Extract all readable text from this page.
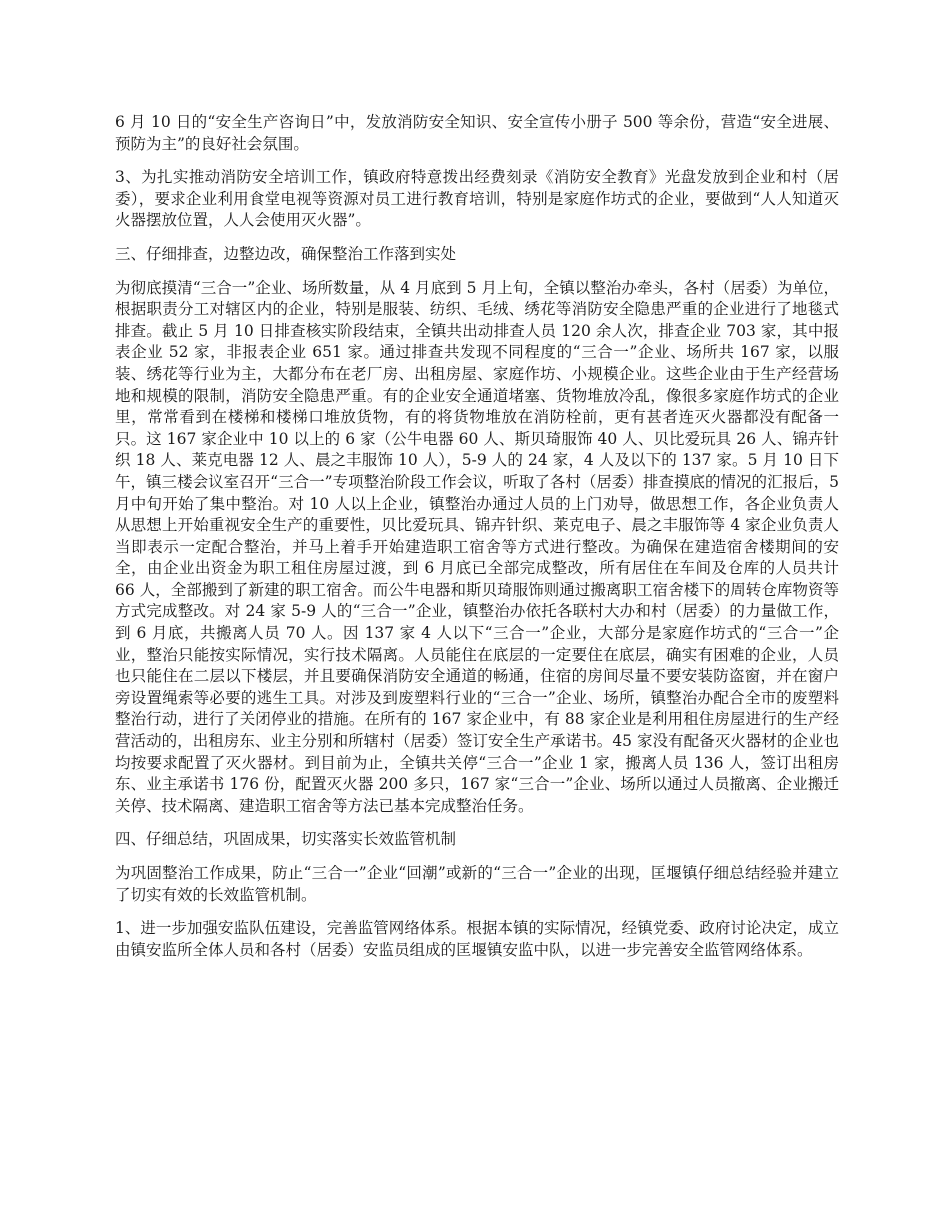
6 月 10 日的“安全生产咨询日”中，发放消防安全知识、安全宣传小册子 500 等余份，营造“安全进展、预防为主”的良好社会氛围。

3、为扎实推动消防安全培训工作，镇政府特意拨出经费刻录《消防安全教育》光盘发放到企业和村（居委），要求企业利用食堂电视等资源对员工进行教育培训，特别是家庭作坊式的企业，要做到“人人知道灭火器摆放位置，人人会使用灭火器”。

三、仔细排查，边整边改，确保整治工作落到实处

为彻底摸清“三合一”企业、场所数量，从 4 月底到 5 月上旬，全镇以整治办牵头，各村（居委）为单位，根据职责分工对辖区内的企业，特别是服装、纺织、毛绒、绣花等消防安全隐患严重的企业进行了地毯式排查。截止 5 月 10 日排查核实阶段结束，全镇共出动排查人员 120 余人次，排查企业 703 家，其中报表企业 52 家，非报表企业 651 家。通过排查共发现不同程度的“三合一”企业、场所共 167 家，以服装、绣花等行业为主，大都分布在老厂房、出租房屋、家庭作坊、小规模企业。这些企业由于生产经营场地和规模的限制，消防安全隐患严重。有的企业安全通道堵塞、货物堆放冷乱，像很多家庭作坊式的企业里，常常看到在楼梯和楼梯口堆放货物，有的将货物堆放在消防栓前，更有甚者连灭火器都没有配备一只。这 167 家企业中 10 以上的 6 家（公牛电器 60 人、斯贝琦服饰 40 人、贝比爱玩具 26 人、锦卉针织 18 人、莱克电器 12 人、晨之丰服饰 10 人），5-9 人的 24 家，4 人及以下的 137 家。5 月 10 日下午，镇三楼会议室召开“三合一”专项整治阶段工作会议，听取了各村（居委）排查摸底的情况的汇报后，5 月中旬开始了集中整治。对 10 人以上企业，镇整治办通过人员的上门劝导，做思想工作，各企业负责人从思想上开始重视安全生产的重要性，贝比爱玩具、锦卉针织、莱克电子、晨之丰服饰等 4 家企业负责人当即表示一定配合整治，并马上着手开始建造职工宿舍等方式进行整改。为确保在建造宿舍楼期间的安全，由企业出资金为职工租住房屋过渡，到 6 月底已全部完成整改，所有居住在车间及仓库的人员共计 66 人，全部搬到了新建的职工宿舍。而公牛电器和斯贝琦服饰则通过搬离职工宿舍楼下的周转仓库物资等方式完成整改。对 24 家 5-9 人的“三合一”企业，镇整治办依托各联村大办和村（居委）的力量做工作，到 6 月底，共搬离人员 70 人。因 137 家 4 人以下“三合一”企业，大部分是家庭作坊式的“三合一”企业，整治只能按实际情况，实行技术隔离。人员能住在底层的一定要住在底层，确实有困难的企业，人员也只能住在二层以下楼层，并且要确保消防安全通道的畅通，住宿的房间尽量不要安装防盗窗，并在窗户旁设置绳索等必要的逃生工具。对涉及到废塑料行业的“三合一”企业、场所，镇整治办配合全市的废塑料整治行动，进行了关闭停业的措施。在所有的 167 家企业中，有 88 家企业是利用租住房屋进行的生产经营活动的，出租房东、业主分别和所辖村（居委）签订安全生产承诺书。45 家没有配备灭火器材的企业也均按要求配置了灭火器材。到目前为止，全镇共关停“三合一”企业 1 家，搬离人员 136 人，签订出租房东、业主承诺书 176 份，配置灭火器 200 多只，167 家“三合一”企业、场所以通过人员撤离、企业搬迁关停、技术隔离、建造职工宿舍等方法已基本完成整治任务。

四、仔细总结，巩固成果，切实落实长效监管机制

为巩固整治工作成果，防止“三合一”企业“回潮”或新的“三合一”企业的出现，匡堰镇仔细总结经验并建立了切实有效的长效监管机制。

1、进一步加强安监队伍建设，完善监管网络体系。根据本镇的实际情况，经镇党委、政府讨论决定，成立由镇安监所全体人员和各村（居委）安监员组成的匡堰镇安监中队，以进一步完善安全监管网络体系。
